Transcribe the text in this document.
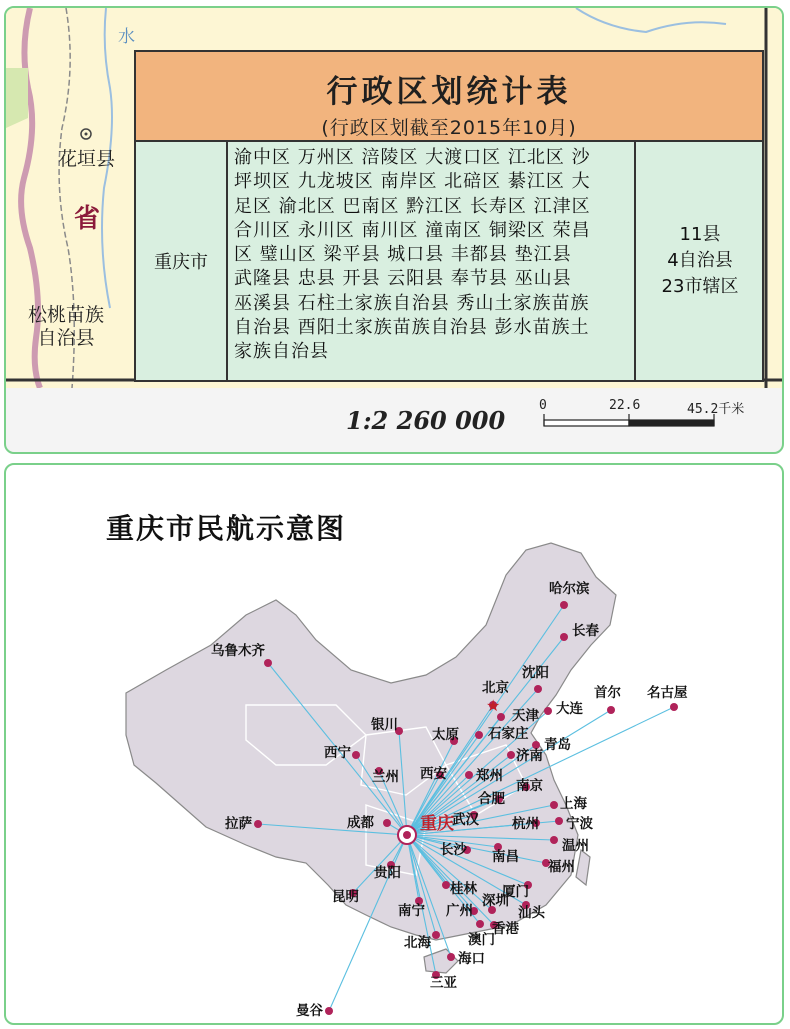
水
花垣县
省
松桃苗族
自治县
行政区划统计表
(行政区划截至2015年10月)
重庆市
渝中区 万州区 涪陵区 大渡口区 江北区 沙
坪坝区 九龙坡区 南岸区 北碚区 綦江区 大
足区 渝北区 巴南区 黔江区 长寿区 江津区
合川区 永川区 南川区 潼南区 铜梁区 荣昌
区 璧山区 梁平县 城口县 丰都县 垫江县
武隆县 忠县 开县 云阳县 奉节县 巫山县
巫溪县 石柱土家族自治县 秀山土家族苗族
自治县 酉阳土家族苗族自治县 彭水苗族土
家族自治县
11县
4自治县
23市辖区
1:2 260 000
0	22.6	45.2千米
重庆市民航示意图
哈尔滨
长春
沈阳
大连
北京
天津
石家庄
太原
济南
青岛
银川
西宁
兰州 西安 郑州
合肥
南京
上海
宁波
杭州
武汉
成都
拉萨
乌鲁木齐
长沙 南昌
温州
福州
贵阳
昆明	桂林 厦门
南宁 广州
深圳
汕头
澳门
香港
北海
海口
三亚
曼谷
首尔 名古屋
重庆
★
